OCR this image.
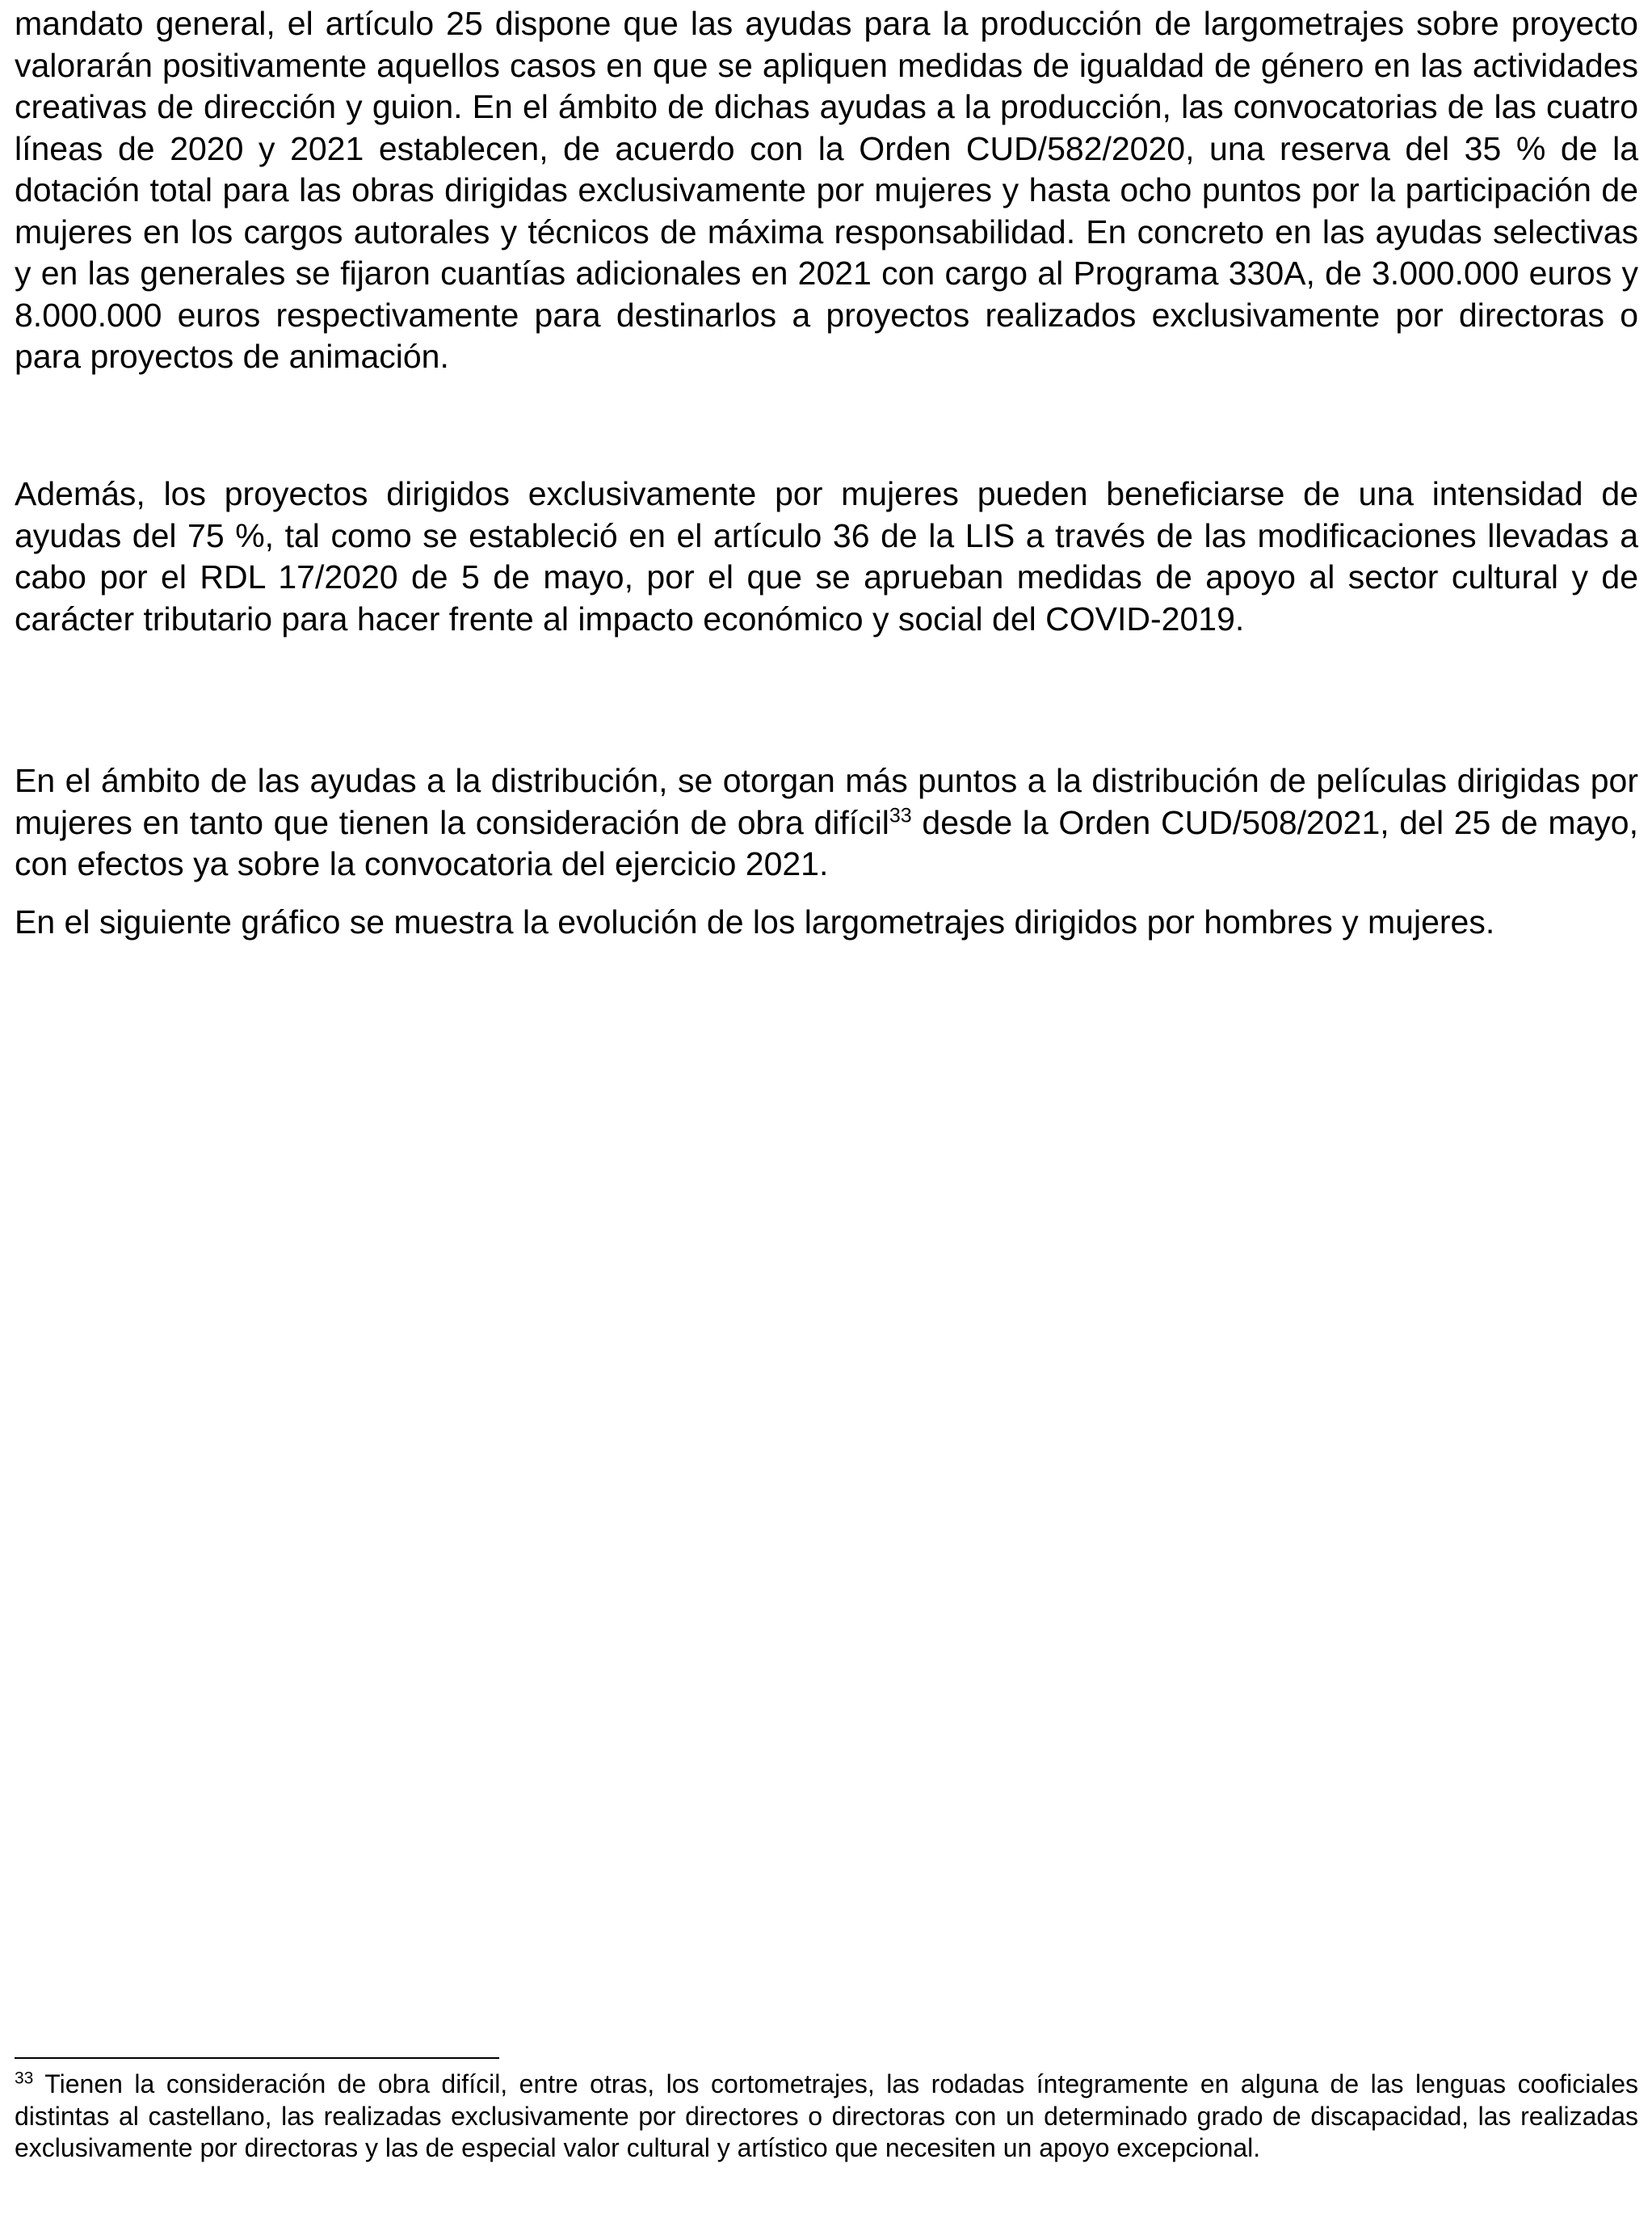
mandato general, el artículo 25 dispone que las ayudas para la producción de largometrajes sobre proyecto valorarán positivamente aquellos casos en que se apliquen medidas de igualdad de género en las actividades creativas de dirección y guion. En el ámbito de dichas ayudas a la producción, las convocatorias de las cuatro líneas de 2020 y 2021 establecen, de acuerdo con la Orden CUD/582/2020, una reserva del 35 % de la dotación total para las obras dirigidas exclusivamente por mujeres y hasta ocho puntos por la participación de mujeres en los cargos autorales y técnicos de máxima responsabilidad. En concreto en las ayudas selectivas y en las generales se fijaron cuantías adicionales en 2021 con cargo al Programa 330A, de 3.000.000 euros y 8.000.000 euros respectivamente para destinarlos a proyectos realizados exclusivamente por directoras o para proyectos de animación.

Además, los proyectos dirigidos exclusivamente por mujeres pueden beneficiarse de una intensidad de ayudas del 75 %, tal como se estableció en el artículo 36 de la LIS a través de las modificaciones llevadas a cabo por el RDL 17/2020 de 5 de mayo, por el que se aprueban medidas de apoyo al sector cultural y de carácter tributario para hacer frente al impacto económico y social del COVID-2019.

En el ámbito de las ayudas a la distribución, se otorgan más puntos a la distribución de películas dirigidas por mujeres en tanto que tienen la consideración de obra difícil$^{33}$ desde la Orden CUD/508/2021, del 25 de mayo, con efectos ya sobre la convocatoria del ejercicio 2021.

En el siguiente gráfico se muestra la evolución de los largometrajes dirigidos por hombres y mujeres.

$^{33}$ Tienen la consideración de obra difícil, entre otras, los cortometrajes, las rodadas íntegramente en alguna de las lenguas cooficiales distintas al castellano, las realizadas exclusivamente por directores o directoras con un determinado grado de discapacidad, las realizadas exclusivamente por directoras y las de especial valor cultural y artístico que necesiten un apoyo excepcional.
